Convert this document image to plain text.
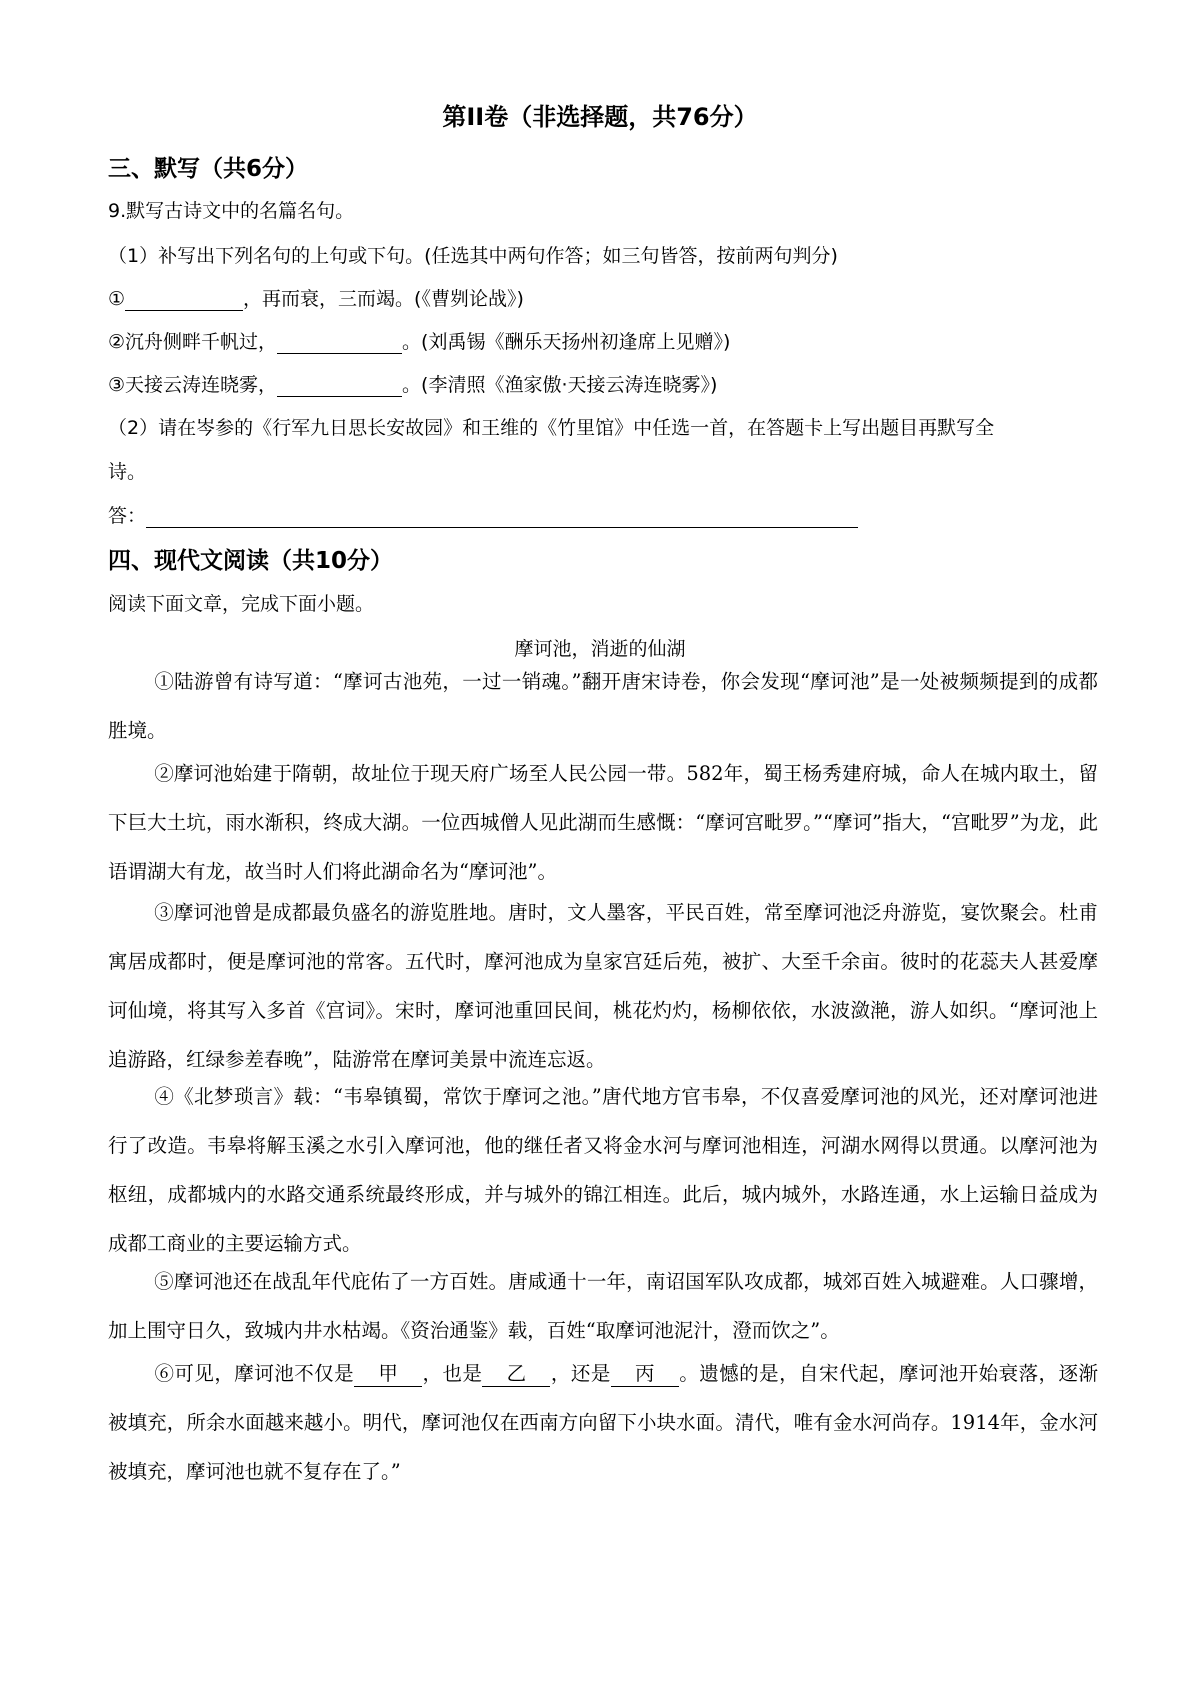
第II卷（非选择题，共76分）
三、默写（共6分）
9.默写古诗文中的名篇名句。
（1）补写出下列名句的上句或下句。(任选其中两句作答；如三句皆答，按前两句判分)
①	，再而衰，三而竭。(《曹刿论战》)
②沉舟侧畔千帆过，	。(刘禹锡《酬乐天扬州初逢席上见赠》)
③天接云涛连晓雾，	。(李清照《渔家傲·天接云涛连晓雾》)
（2）请在岑参的《行军九日思长安故园》和王维的《竹里馆》中任选一首，在答题卡上写出题目再默写全
诗。
答：
四、现代文阅读（共10分）
阅读下面文章，完成下面小题。
摩诃池，消逝的仙湖
①陆游曾有诗写道：“摩诃古池苑，一过一销魂。”翻开唐宋诗卷，你会发现“摩诃池”是一处被频频提到的成都胜境。
②摩诃池始建于隋朝，故址位于现天府广场至人民公园一带。582年，蜀王杨秀建府城，命人在城内取土，留下巨大土坑，雨水渐积，终成大湖。一位西城僧人见此湖而生感慨：“摩诃宫毗罗。”“摩诃”指大，“宫毗罗”为龙，此语谓湖大有龙，故当时人们将此湖命名为“摩诃池”。
③摩诃池曾是成都最负盛名的游览胜地。唐时，文人墨客，平民百姓，常至摩诃池泛舟游览，宴饮聚会。杜甫寓居成都时，便是摩诃池的常客。五代时，摩河池成为皇家宫廷后苑，被扩、大至千余亩。彼时的花蕊夫人甚爱摩诃仙境，将其写入多首《宫词》。宋时，摩诃池重回民间，桃花灼灼，杨柳依依，水波潋滟，游人如织。“摩诃池上追游路，红绿参差春晚”，陆游常在摩诃美景中流连忘返。
④《北梦琐言》载：“韦皋镇蜀，常饮于摩诃之池。”唐代地方官韦皋，不仅喜爱摩诃池的风光，还对摩诃池进行了改造。韦皋将解玉溪之水引入摩诃池，他的继任者又将金水河与摩诃池相连，河湖水网得以贯通。以摩河池为枢纽，成都城内的水路交通系统最终形成，并与城外的锦江相连。此后，城内城外，水路连通，水上运输日益成为成都工商业的主要运输方式。
⑤摩诃池还在战乱年代庇佑了一方百姓。唐咸通十一年，南诏国军队攻成都，城郊百姓入城避难。人口骤增，加上围守日久，致城内井水枯竭。《资治通鉴》载，百姓“取摩诃池泥汁，澄而饮之”。
⑥可见，摩诃池不仅是 甲 ，也是 乙 ，还是 丙 。遗憾的是，自宋代起，摩诃池开始衰落，逐渐被填充，所余水面越来越小。明代，摩诃池仅在西南方向留下小块水面。清代，唯有金水河尚存。1914年，金水河被填充，摩诃池也就不复存在了。”
